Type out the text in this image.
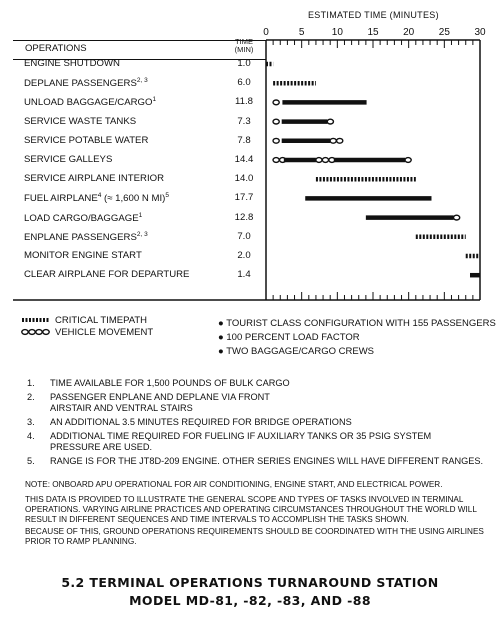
ESTIMATED TIME (MINUTES)
0	5	10 15 20 25 30
OPERATIONS
TIME
(MIN)
ENGINE SHUTDOWN	1.0
DEPLANE PASSENGERS$^{2, 3}$	6.0
UNLOAD BAGGAGE/CARGO$^1$	11.8
SERVICE WASTE TANKS	7.3
SERVICE POTABLE WATER	7.8
SERVICE GALLEYS	14.4
SERVICE AIRPLANE INTERIOR	14.0
FUEL AIRPLANE$^4$ (≈ 1,600 N MI)$^5$	17.7
LOAD CARGO/BAGGAGE$^1$	12.8
ENPLANE PASSENGERS$^{2, 3}$	7.0
MONITOR ENGINE START	2.0
CLEAR AIRPLANE FOR DEPARTURE	1.4
CRITICAL TIMEPATH
VEHICLE MOVEMENT
● TOURIST CLASS CONFIGURATION WITH 155 PASSENGERS
● 100 PERCENT LOAD FACTOR
● TWO BAGGAGE/CARGO CREWS
1. TIME AVAILABLE FOR 1,500 POUNDS OF BULK CARGO
2. PASSENGER ENPLANE AND DEPLANE VIA FRONT AIRSTAIR AND VENTRAL STAIRS
3. AN ADDITIONAL 3.5 MINUTES REQUIRED FOR BRIDGE OPERATIONS
4. ADDITIONAL TIME REQUIRED FOR FUELING IF AUXILIARY TANKS OR 35 PSIG SYSTEM PRESSURE ARE USED.
5. RANGE IS FOR THE JT8D-209 ENGINE. OTHER SERIES ENGINES WILL HAVE DIFFERENT RANGES.
NOTE: ONBOARD APU OPERATIONAL FOR AIR CONDITIONING, ENGINE START, AND ELECTRICAL POWER.
THIS DATA IS PROVIDED TO ILLUSTRATE THE GENERAL SCOPE AND TYPES OF TASKS INVOLVED IN TERMINAL OPERATIONS. VARYING AIRLINE PRACTICES AND OPERATING CIRCUMSTANCES THROUGHOUT THE WORLD WILL RESULT IN DIFFERENT SEQUENCES AND TIME INTERVALS TO ACCOMPLISH THE TASKS SHOWN.
BECAUSE OF THIS, GROUND OPERATIONS REQUIREMENTS SHOULD BE COORDINATED WITH THE USING AIRLINES PRIOR TO RAMP PLANNING.
5.2 TERMINAL OPERATIONS TURNAROUND STATION
MODEL MD-81, -82, -83, AND -88
